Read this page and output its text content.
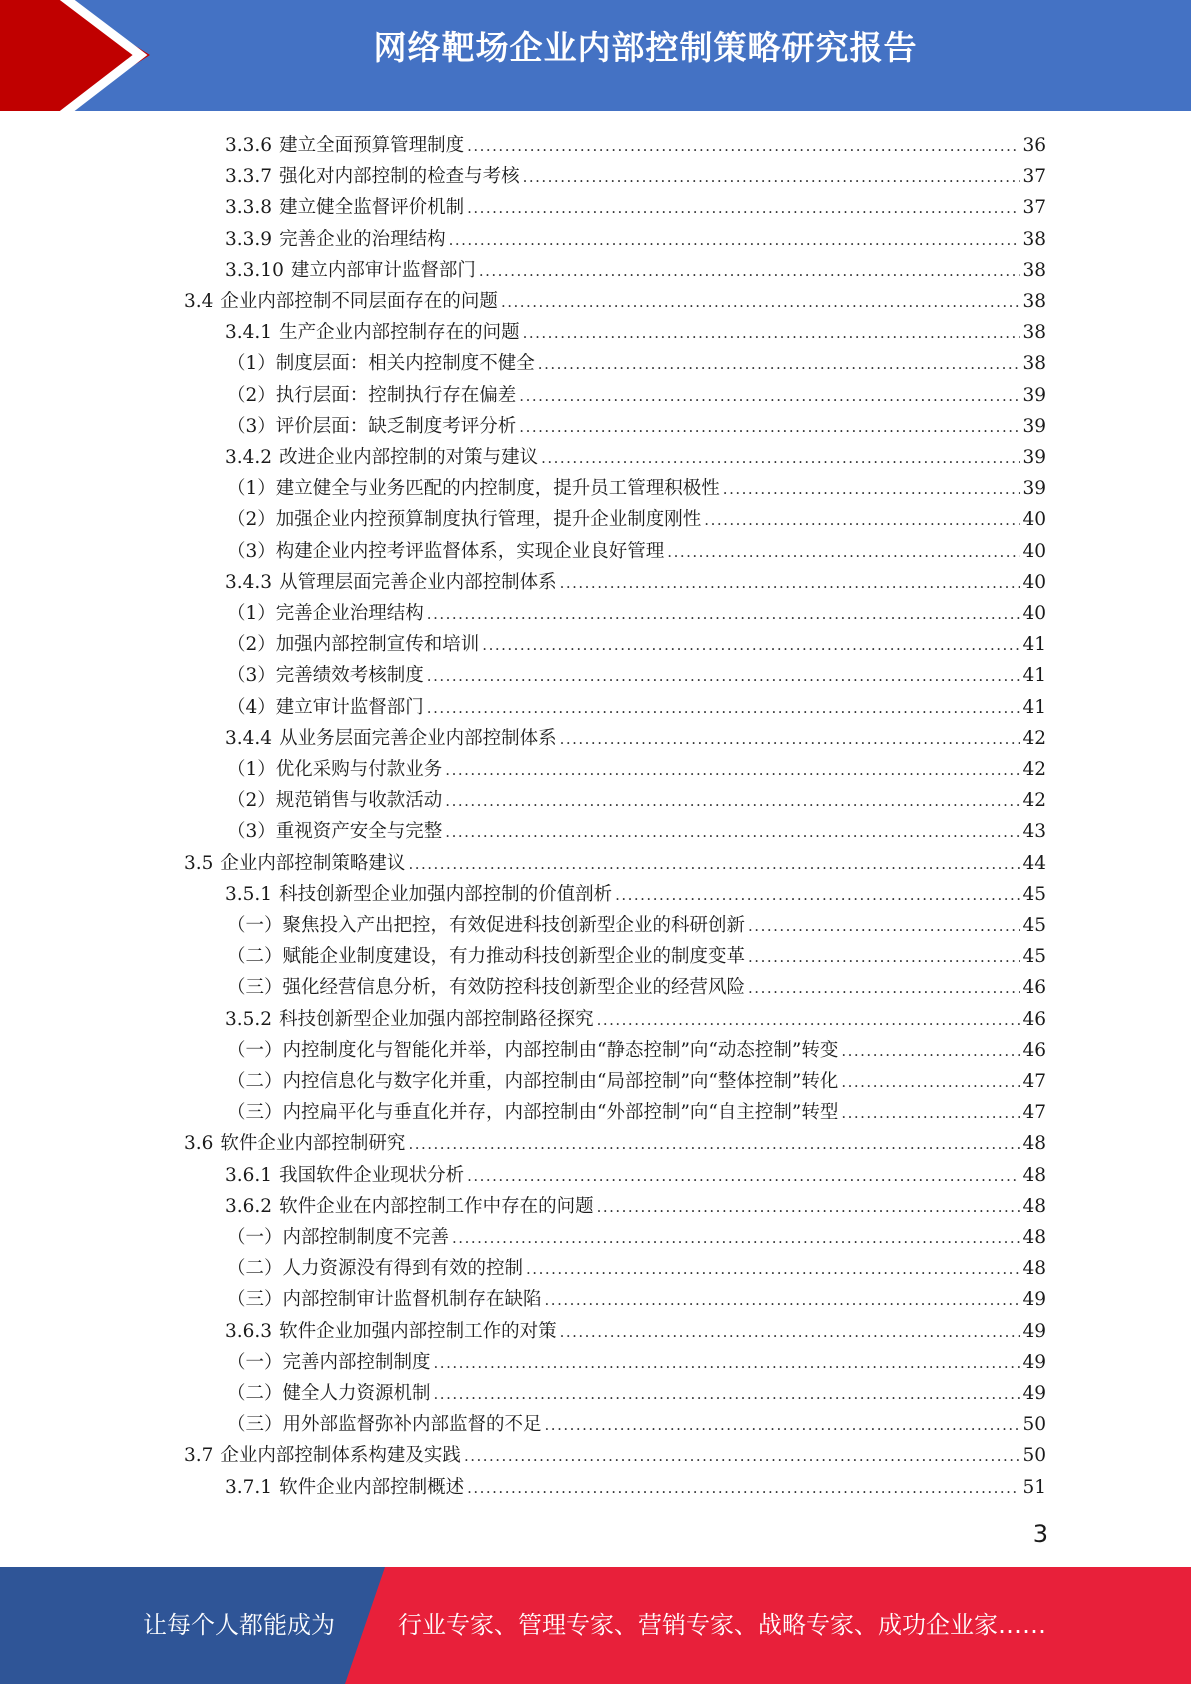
网络靶场企业内部控制策略研究报告
3.3.6 建立全面预算管理制度 .....	36
3.3.7 强化对内部控制的检查与考核 .....	37
3.3.8 建立健全监督评价机制 .....	37
3.3.9 完善企业的治理结构 .....	38
3.3.10 建立内部审计监督部门 .....	38
3.4 企业内部控制不同层面存在的问题 .....	38
3.4.1 生产企业内部控制存在的问题 .....	38
（1）制度层面：相关内控制度不健全 .....	38
（2）执行层面：控制执行存在偏差 .....	39
（3）评价层面：缺乏制度考评分析 .....	39
3.4.2 改进企业内部控制的对策与建议 .....	39
（1）建立健全与业务匹配的内控制度，提升员工管理积极性 .....	39
（2）加强企业内控预算制度执行管理，提升企业制度刚性 .....	40
（3）构建企业内控考评监督体系，实现企业良好管理 .....	40
3.4.3 从管理层面完善企业内部控制体系 .....	40
（1）完善企业治理结构 .....	40
（2）加强内部控制宣传和培训 .....	41
（3）完善绩效考核制度 .....	41
（4）建立审计监督部门 .....	41
3.4.4 从业务层面完善企业内部控制体系 .....	42
（1）优化采购与付款业务 .....	42
（2）规范销售与收款活动 .....	42
（3）重视资产安全与完整 .....	43
3.5 企业内部控制策略建议 .....	44
3.5.1 科技创新型企业加强内部控制的价值剖析 .....	45
（一）聚焦投入产出把控，有效促进科技创新型企业的科研创新 .....	45
（二）赋能企业制度建设，有力推动科技创新型企业的制度变革 .....	45
（三）强化经营信息分析，有效防控科技创新型企业的经营风险 .....	46
3.5.2 科技创新型企业加强内部控制路径探究 .....	46
（一）内控制度化与智能化并举，内部控制由“静态控制”向“动态控制”转变 .....	46
（二）内控信息化与数字化并重，内部控制由“局部控制”向“整体控制”转化 .....	47
（三）内控扁平化与垂直化并存，内部控制由“外部控制”向“自主控制”转型 .....	47
3.6 软件企业内部控制研究 .....	48
3.6.1 我国软件企业现状分析 .....	48
3.6.2 软件企业在内部控制工作中存在的问题 .....	48
（一）内部控制制度不完善 .....	48
（二）人力资源没有得到有效的控制 .....	48
（三）内部控制审计监督机制存在缺陷 .....	49
3.6.3 软件企业加强内部控制工作的对策 .....	49
（一）完善内部控制制度 .....	49
（二）健全人力资源机制 .....	49
（三）用外部监督弥补内部监督的不足 .....	50
3.7 企业内部控制体系构建及实践 .....	50
3.7.1 软件企业内部控制概述 .....	51
3
让每个人都能成为	行业专家、管理专家、营销专家、战略专家、成功企业家……
